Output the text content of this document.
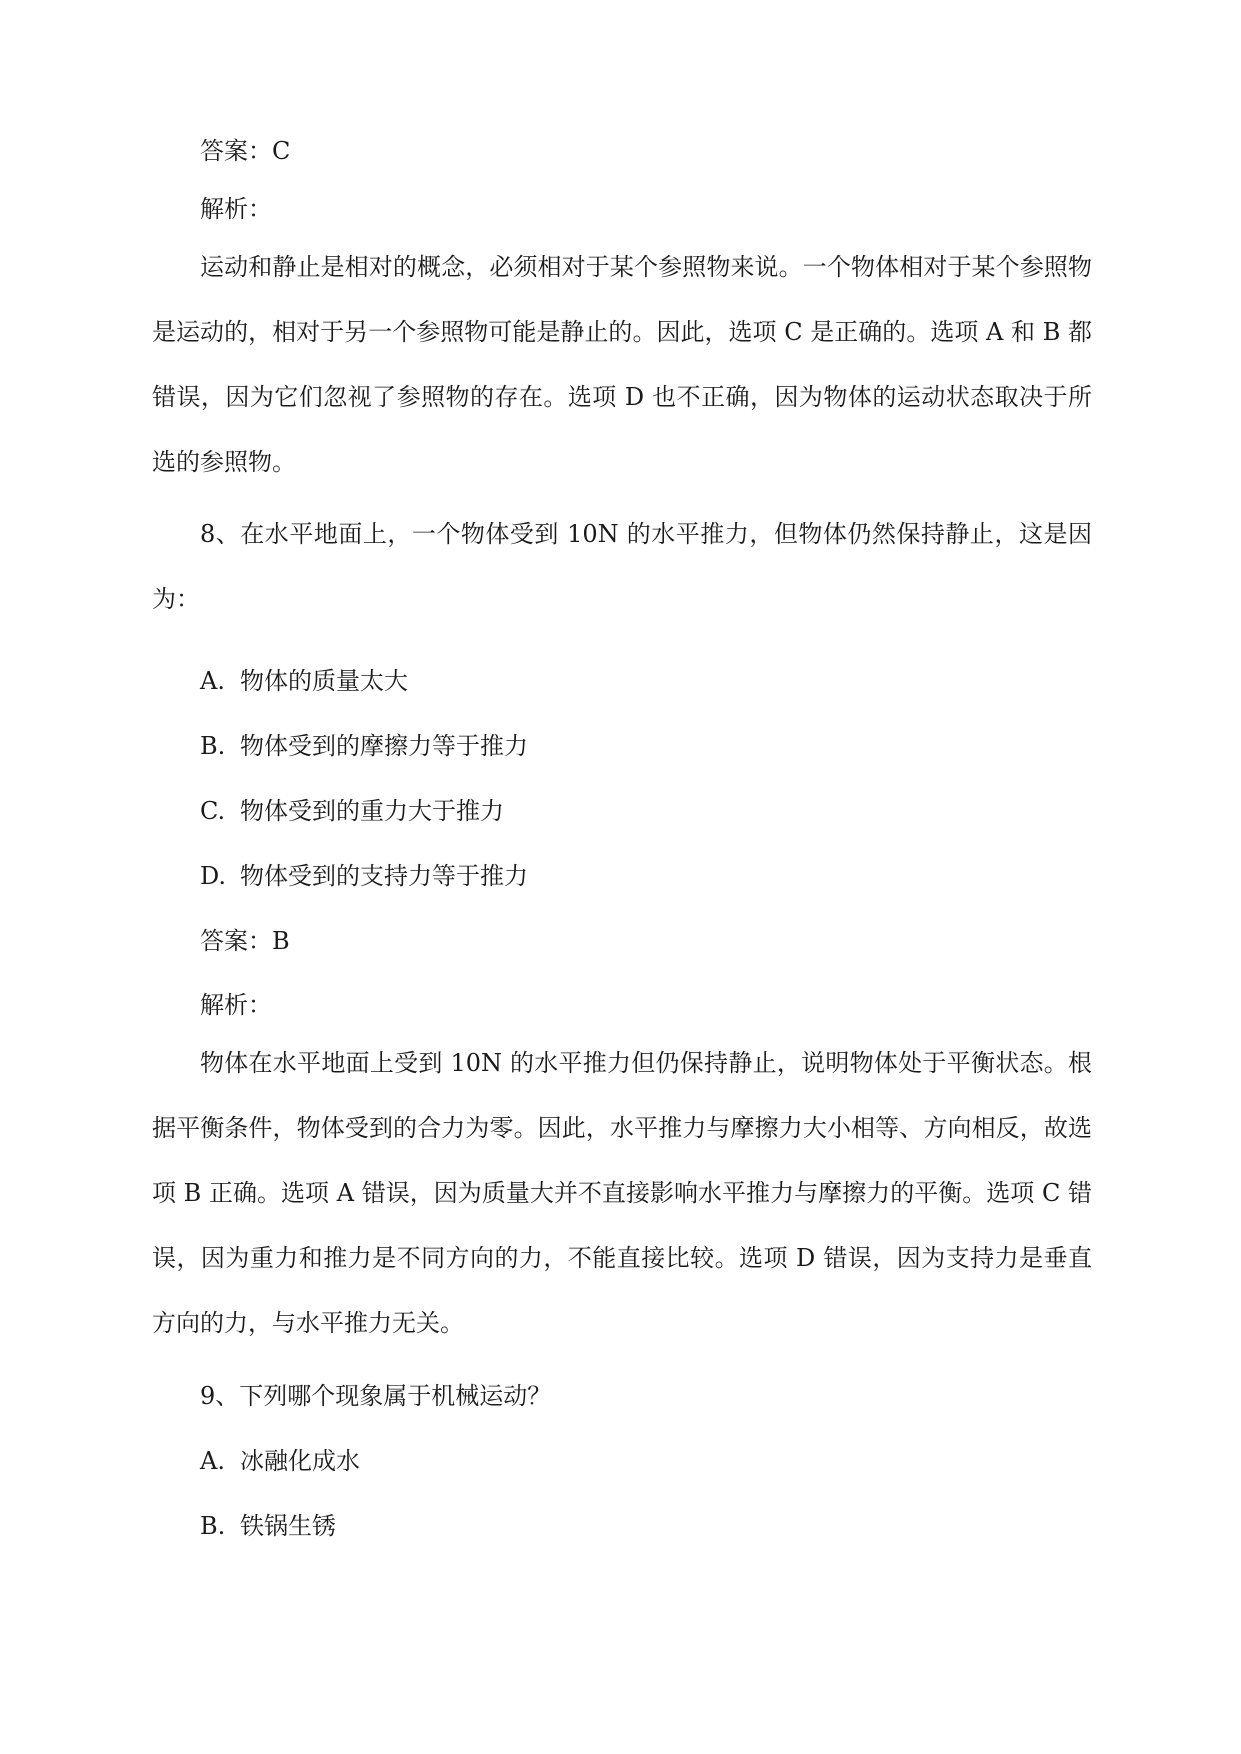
答案：C
解析：

运动和静止是相对的概念，必须相对于某个参照物来说。一个物体相对于某个参照物是运动的，相对于另一个参照物可能是静止的。因此，选项 C 是正确的。选项 A 和 B 都错误，因为它们忽视了参照物的存在。选项 D 也不正确，因为物体的运动状态取决于所选的参照物。

8、在水平地面上，一个物体受到 10N 的水平推力，但物体仍然保持静止，这是因为：

A. 物体的质量太大
B. 物体受到的摩擦力等于推力
C. 物体受到的重力大于推力
D. 物体受到的支持力等于推力
答案：B
解析：

物体在水平地面上受到 10N 的水平推力但仍保持静止，说明物体处于平衡状态。根据平衡条件，物体受到的合力为零。因此，水平推力与摩擦力大小相等、方向相反，故选项 B 正确。选项 A 错误，因为质量大并不直接影响水平推力与摩擦力的平衡。选项 C 错误，因为重力和推力是不同方向的力，不能直接比较。选项 D 错误，因为支持力是垂直方向的力，与水平推力无关。

9、下列哪个现象属于机械运动？
A. 冰融化成水
B. 铁锅生锈
